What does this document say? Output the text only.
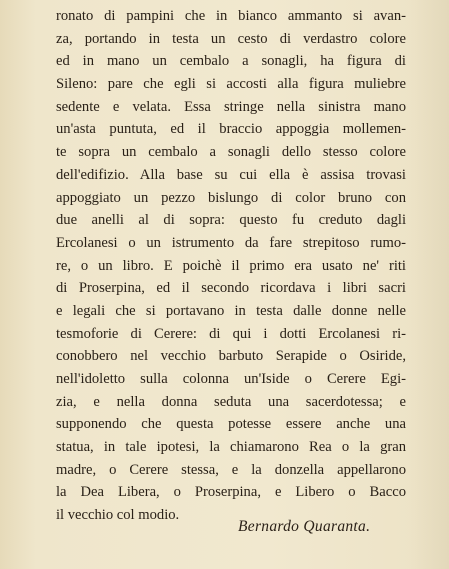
ronato di pampini che in bianco ammanto si avan-
za, portando in testa un cesto di verdastro colore
ed in mano un cembalo a sonagli, ha figura di
Sileno: pare che egli si accosti alla figura muliebre
sedente e velata. Essa stringe nella sinistra mano
un'asta puntuta, ed il braccio appoggia mollemen-
te sopra un cembalo a sonagli dello stesso colore
dell'edifizio. Alla base su cui ella è assisa trovasi
appoggiato un pezzo bislungo di color bruno con
due anelli al di sopra: questo fu creduto dagli
Ercolanesi o un istrumento da fare strepitoso rumo-
re, o un libro. E poichè il primo era usato ne' riti
di Proserpina, ed il secondo ricordava i libri sacri
e legali che si portavano in testa dalle donne nelle
tesmoforie di Cerere: di qui i dotti Ercolanesi ri-
conobbero nel vecchio barbuto Serapide o Osiride,
nell'idoletto sulla colonna un'Iside o Cerere Egi-
zia, e nella donna seduta una sacerdotessa; e
supponendo che questa potesse essere anche una
statua, in tale ipotesi, la chiamarono Rea o la gran
madre, o Cerere stessa, e la donzella appellarono
la Dea Libera, o Proserpina, e Libero o Bacco
il vecchio col modio.
Bernardo Quaranta.
